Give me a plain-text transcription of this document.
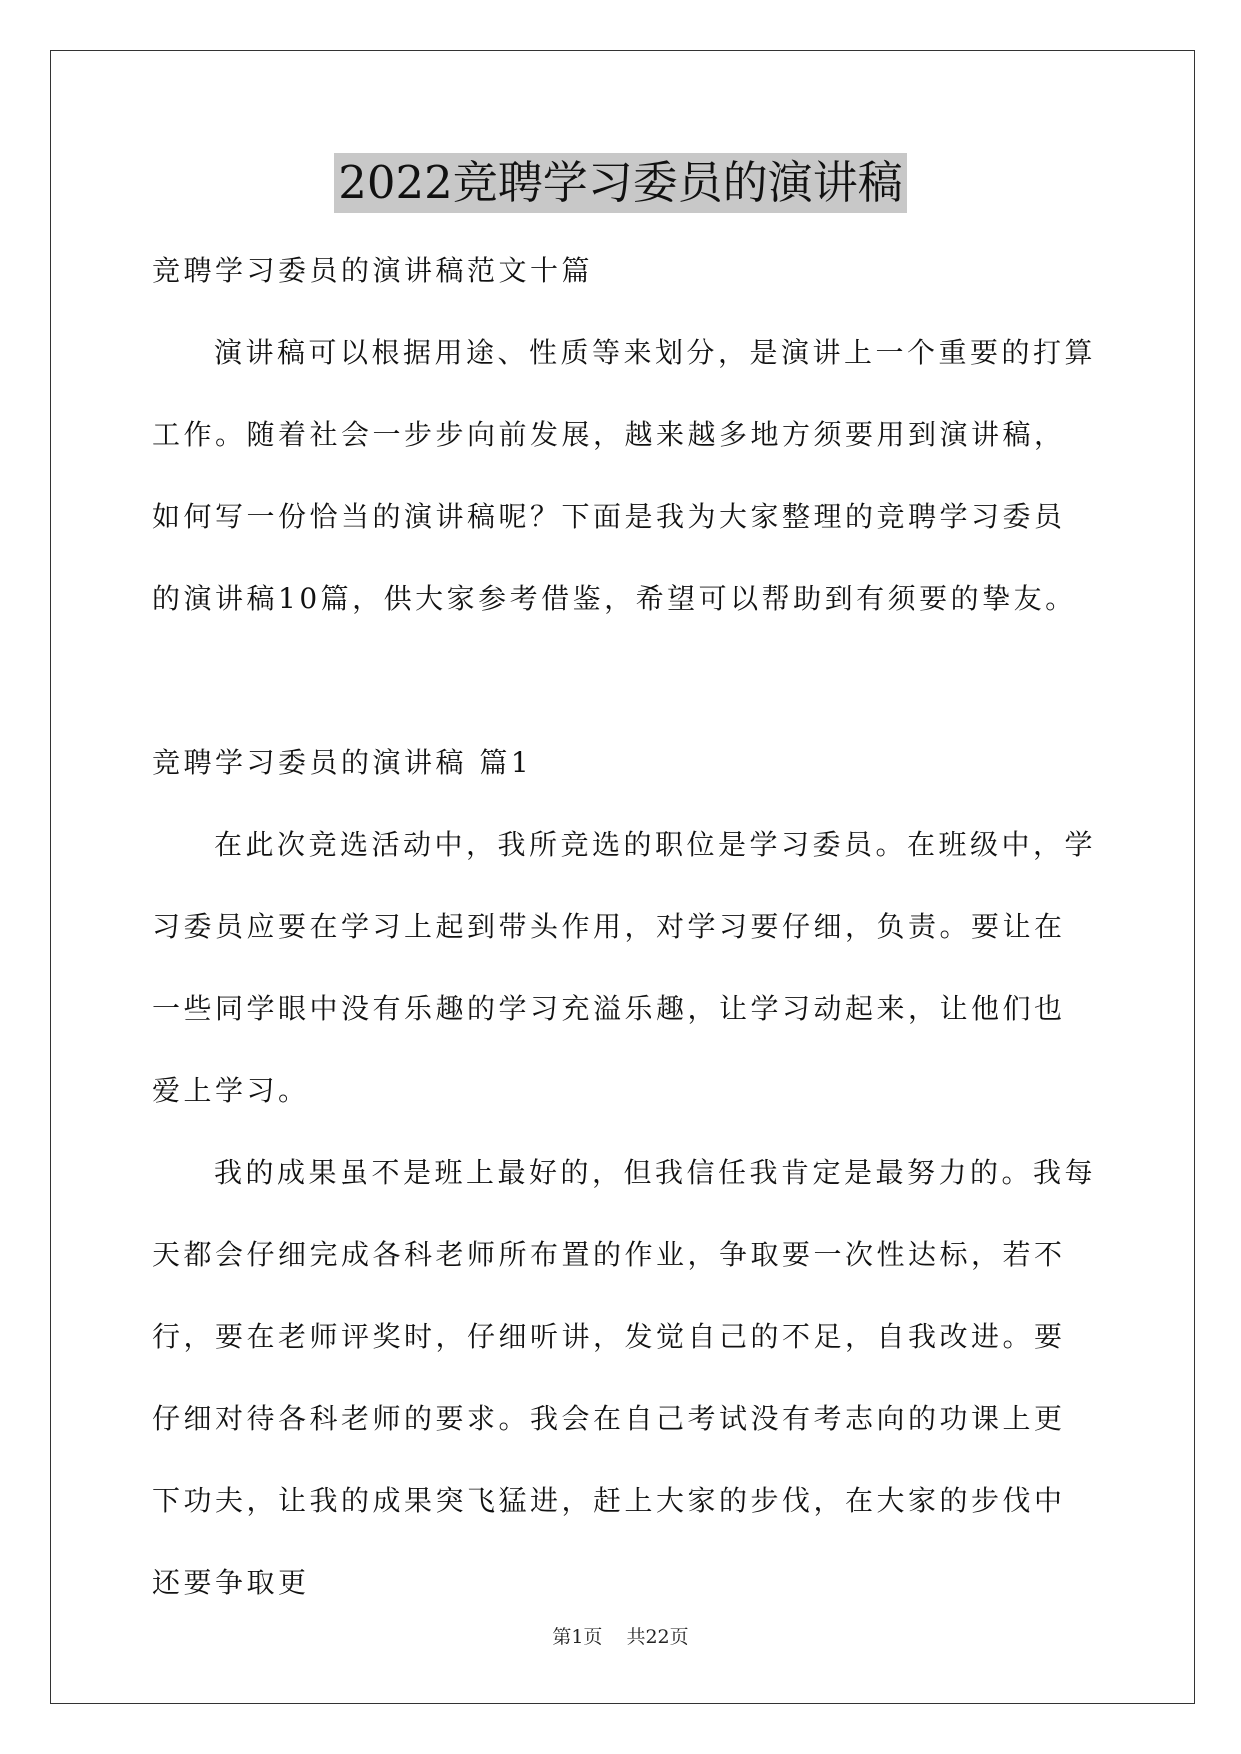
2022竞聘学习委员的演讲稿

竞聘学习委员的演讲稿范文十篇

演讲稿可以根据用途、性质等来划分，是演讲上一个重要的打算工作。随着社会一步步向前发展，越来越多地方须要用到演讲稿，如何写一份恰当的演讲稿呢？下面是我为大家整理的竞聘学习委员的演讲稿10篇，供大家参考借鉴，希望可以帮助到有须要的挚友。

竞聘学习委员的演讲稿 篇1

在此次竞选活动中，我所竞选的职位是学习委员。在班级中，学习委员应要在学习上起到带头作用，对学习要仔细，负责。要让在一些同学眼中没有乐趣的学习充溢乐趣，让学习动起来，让他们也爱上学习。

我的成果虽不是班上最好的，但我信任我肯定是最努力的。我每天都会仔细完成各科老师所布置的作业，争取要一次性达标，若不行，要在老师评奖时，仔细听讲，发觉自己的不足，自我改进。要仔细对待各科老师的要求。我会在自己考试没有考志向的功课上更下功夫，让我的成果突飞猛进，赶上大家的步伐，在大家的步伐中还要争取更

第1页 共22页
